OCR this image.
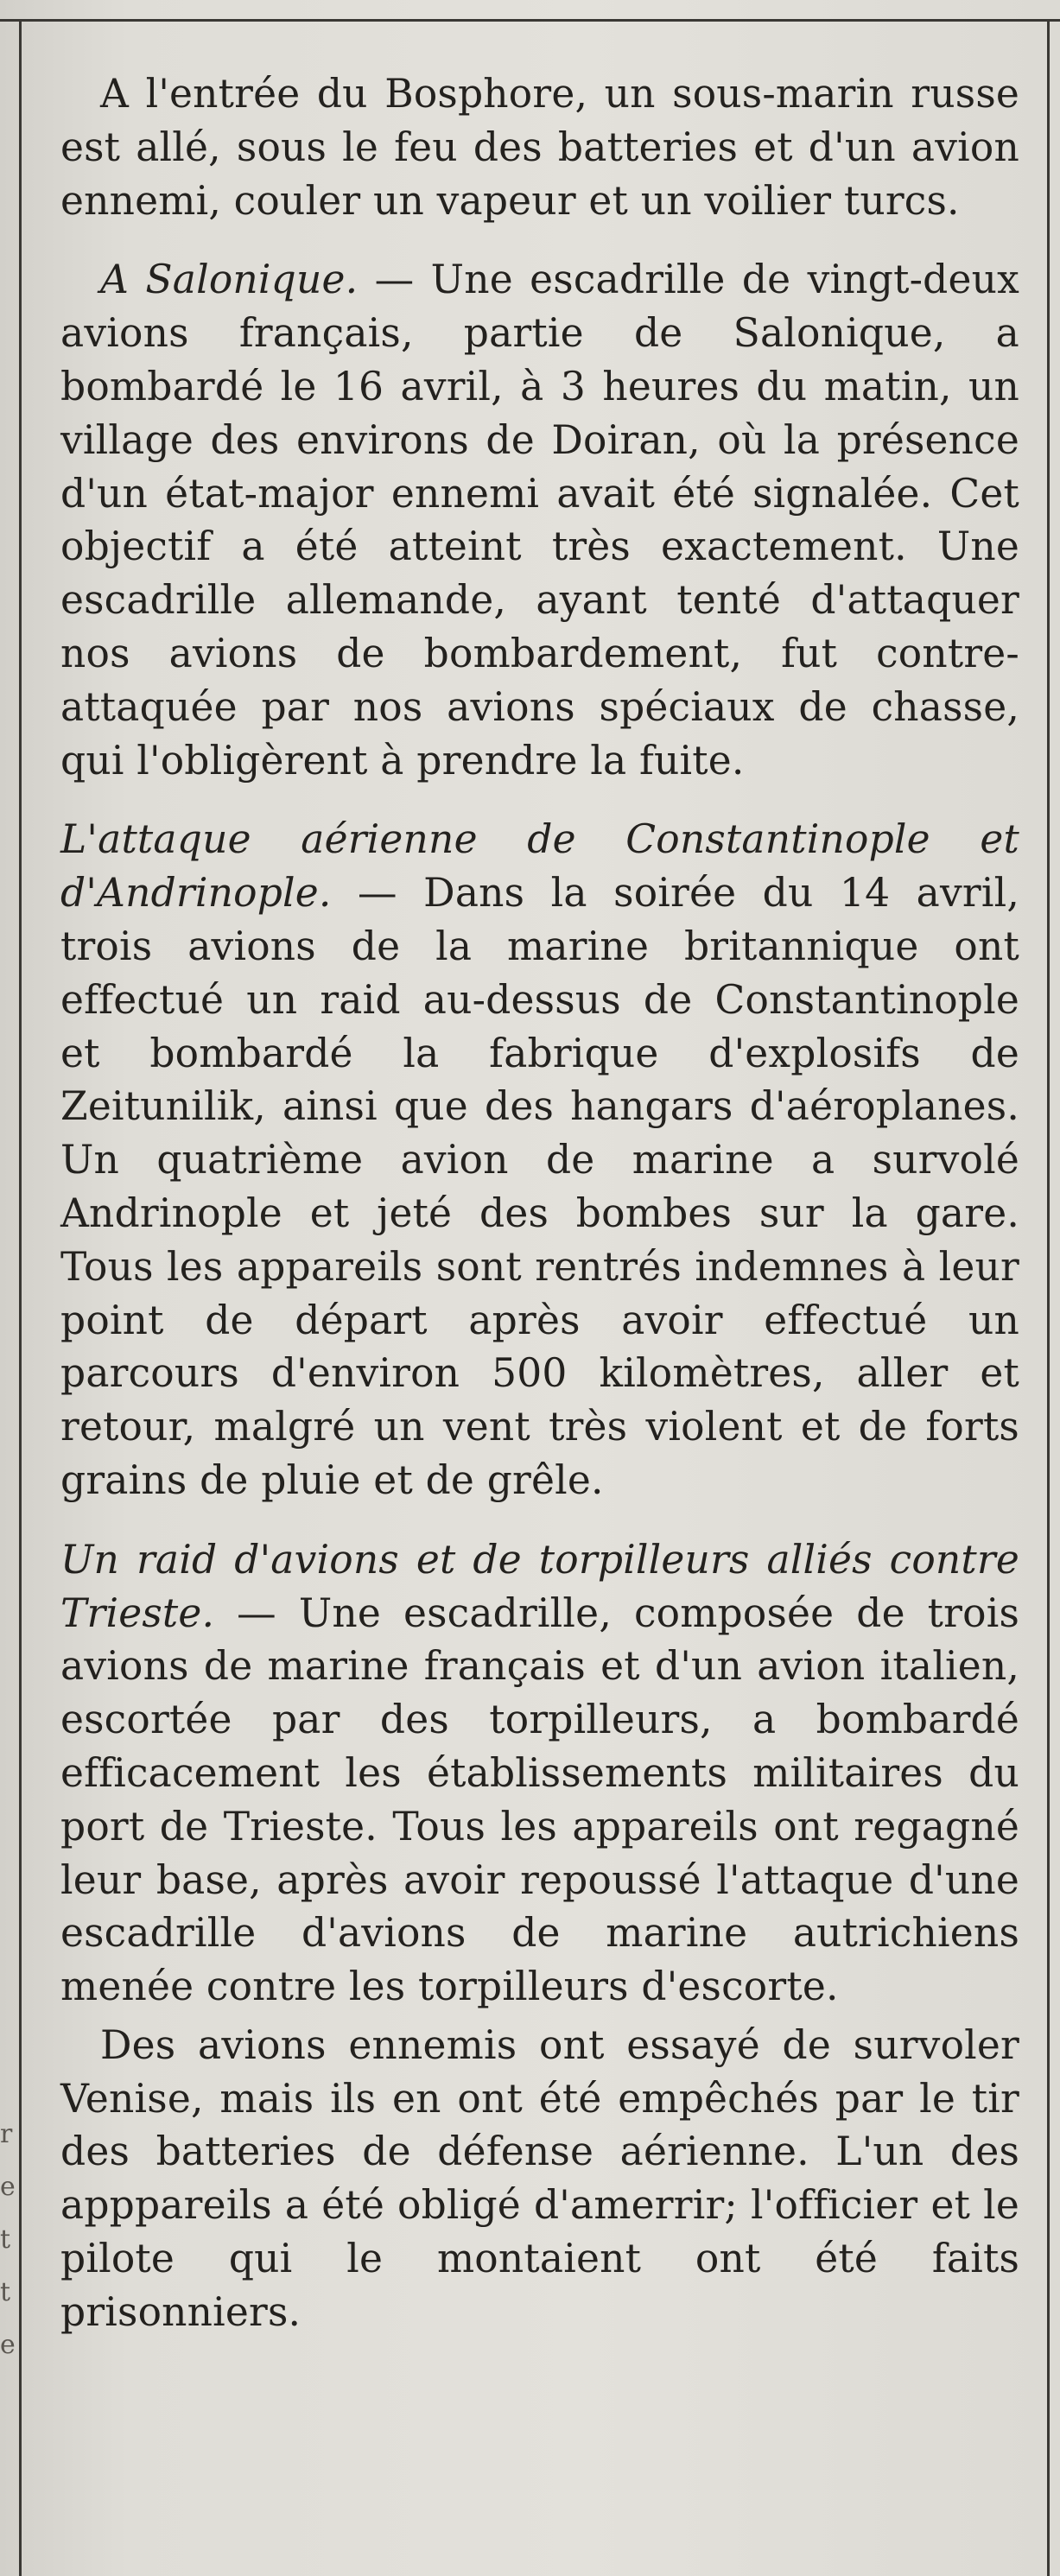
r
e
t
t
e

A l'entrée du Bosphore, un sous-marin russe est allé, sous le feu des batteries et d'un avion ennemi, couler un vapeur et un voilier turcs.

A Salonique. — Une escadrille de vingt-deux avions français, partie de Salonique, a bombardé le 16 avril, à 3 heures du matin, un village des environs de Doiran, où la présence d'un état-major ennemi avait été signalée. Cet objectif a été atteint très exactement. Une escadrille allemande, ayant tenté d'attaquer nos avions de bombardement, fut contre-attaquée par nos avions spéciaux de chasse, qui l'obligèrent à prendre la fuite.

L'attaque aérienne de Constantinople et d'Andrinople. — Dans la soirée du 14 avril, trois avions de la marine britannique ont effectué un raid au-dessus de Constantinople et bombardé la fabrique d'explosifs de Zeitunilik, ainsi que des hangars d'aéroplanes. Un quatrième avion de marine a survolé Andrinople et jeté des bombes sur la gare. Tous les appareils sont rentrés indemnes à leur point de départ après avoir effectué un parcours d'environ 500 kilomètres, aller et retour, malgré un vent très violent et de forts grains de pluie et de grêle.

Un raid d'avions et de torpilleurs alliés contre Trieste. — Une escadrille, composée de trois avions de marine français et d'un avion italien, escortée par des torpilleurs, a bombardé efficacement les établissements militaires du port de Trieste. Tous les appareils ont regagné leur base, après avoir repoussé l'attaque d'une escadrille d'avions de marine autrichiens menée contre les torpilleurs d'escorte.

Des avions ennemis ont essayé de survoler Venise, mais ils en ont été empêchés par le tir des batteries de défense aérienne. L'un des apppareils a été obligé d'amerrir; l'officier et le pilote qui le montaient ont été faits prisonniers.
